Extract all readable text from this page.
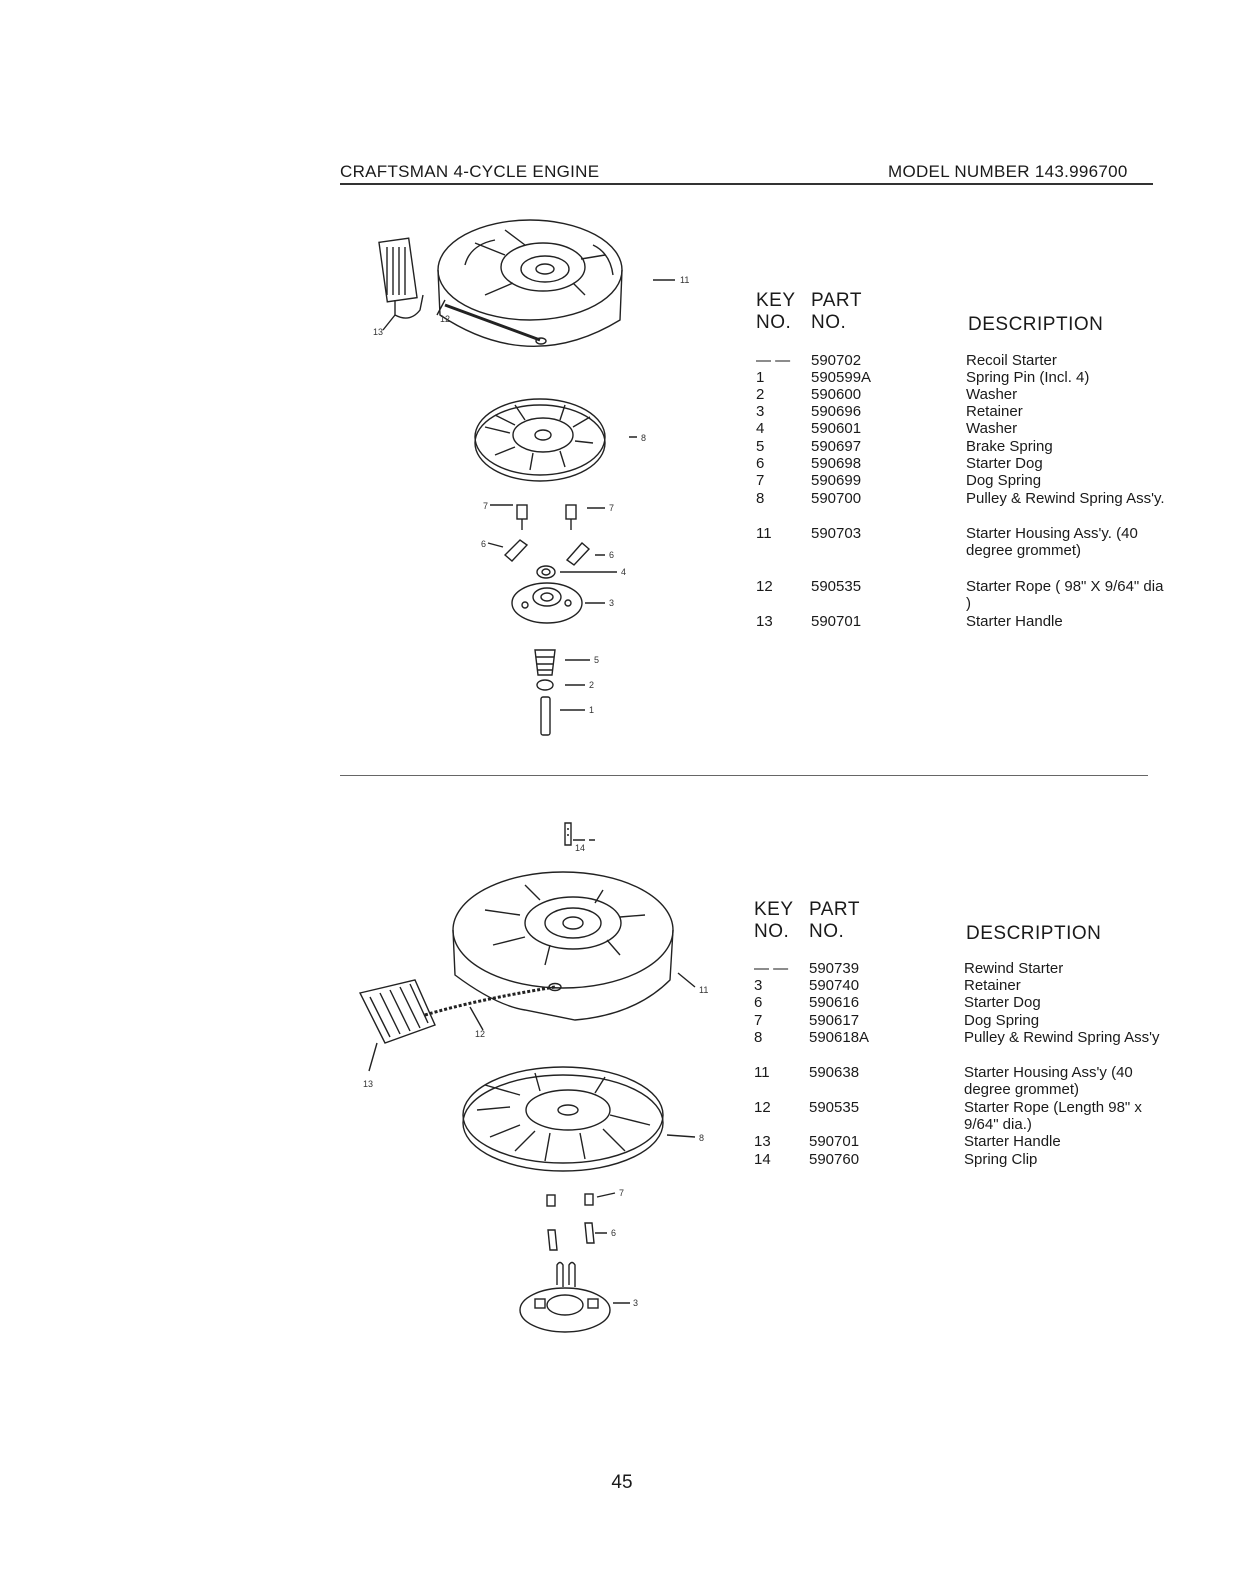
CRAFTSMAN 4-CYCLE ENGINE	MODEL NUMBER 143.996700
11
12
13
8
7	7
6
6
4
3
5
2
1
KEY
NO.
PART
NO.	DESCRIPTION
— — 590702	Recoil Starter
1	590599A	Spring Pin (Incl. 4)
2	590600	Washer
3	590696	Retainer
4	590601	Washer
5	590697	Brake Spring
6	590698	Starter Dog
7	590699	Dog Spring
8	590700	Pulley & Rewind Spring Ass'y.
11	590703	Starter Housing Ass'y. (40 degree grommet)
12	590535	Starter Rope ( 98" X 9/64" dia )
13	590701	Starter Handle
14
11
12
13
8
7
6
3
KEY
NO.
PART
NO.	DESCRIPTION
— — 590739	Rewind Starter
3	590740	Retainer
6	590616	Starter Dog
7	590617	Dog Spring
8	590618A	Pulley & Rewind Spring Ass'y
11	590638	Starter Housing Ass'y (40 degree grommet)
12	590535	Starter Rope (Length 98" x 9/64" dia.)
13	590701	Starter Handle
14	590760	Spring Clip
45
